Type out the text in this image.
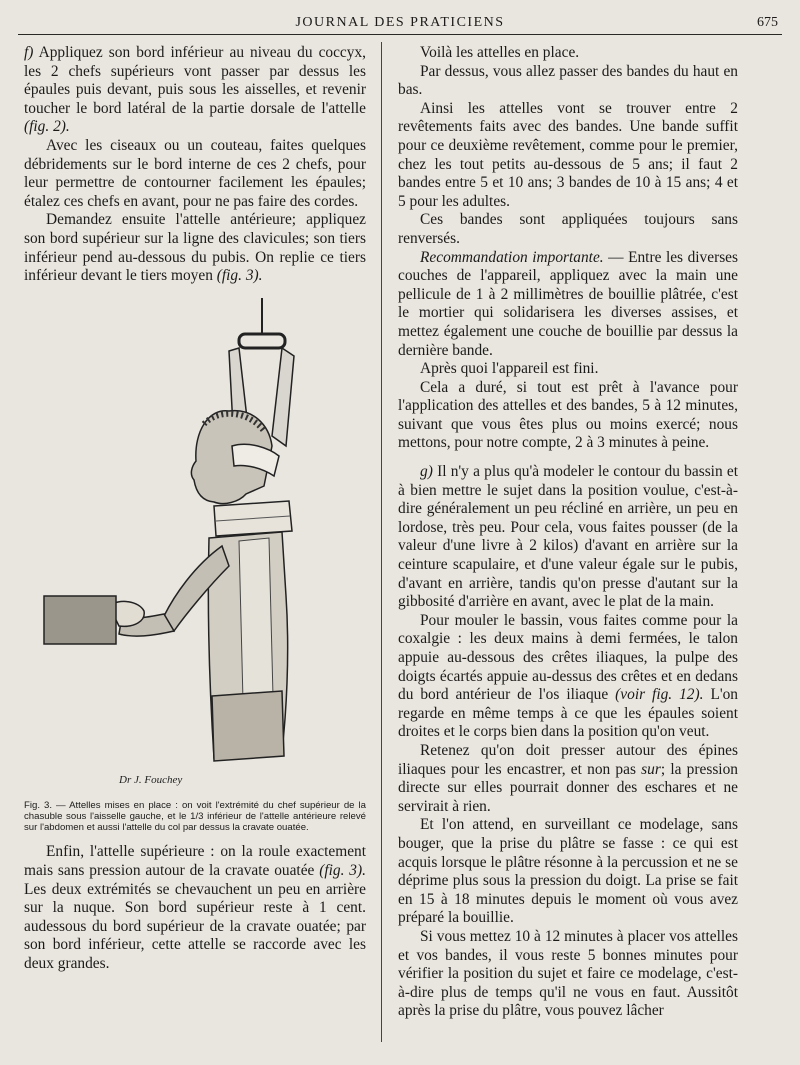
JOURNAL DES PRATICIENS	675

f) Appliquez son bord inférieur au niveau du coccyx, les 2 chefs supérieurs vont passer par dessus les épaules puis devant, puis sous les aisselles, et revenir toucher le bord latéral de la partie dorsale de l'attelle (fig. 2).

Avec les ciseaux ou un couteau, faites quelques débridements sur le bord interne de ces 2 chefs, pour leur permettre de contourner facilement les épaules; étalez ces chefs en avant, pour ne pas faire des cordes.

Demandez ensuite l'attelle antérieure; appliquez son bord supérieur sur la ligne des clavicules; son tiers inférieur pend au-dessous du pubis. On replie ce tiers inférieur devant le tiers moyen (fig. 3).

Dr J. Fouchey

Fig. 3. — Attelles mises en place : on voit l'extrémité du chef supérieur de la chasuble sous l'aisselle gauche, et le 1/3 inférieur de l'attelle antérieure relevé sur l'abdomen et aussi l'attelle du col par dessus la cravate ouatée.

Enfin, l'attelle supérieure : on la roule exactement mais sans pression autour de la cravate ouatée (fig. 3). Les deux extrémités se chevauchent un peu en arrière sur la nuque. Son bord supérieur reste à 1 cent. audessous du bord supérieur de la cravate ouatée; par son bord inférieur, cette attelle se raccorde avec les deux grandes.

Voilà les attelles en place.

Par dessus, vous allez passer des bandes du haut en bas.

Ainsi les attelles vont se trouver entre 2 revêtements faits avec des bandes. Une bande suffit pour ce deuxième revêtement, comme pour le premier, chez les tout petits au-dessous de 5 ans; il faut 2 bandes entre 5 et 10 ans; 3 bandes de 10 à 15 ans; 4 et 5 pour les adultes.

Ces bandes sont appliquées toujours sans renversés.

Recommandation importante. — Entre les diverses couches de l'appareil, appliquez avec la main une pellicule de 1 à 2 millimètres de bouillie plâtrée, c'est le mortier qui solidarisera les diverses assises, et mettez également une couche de bouillie par dessus la dernière bande.

Après quoi l'appareil est fini.

Cela a duré, si tout est prêt à l'avance pour l'application des attelles et des bandes, 5 à 12 minutes, suivant que vous êtes plus ou moins exercé; nous mettons, pour notre compte, 2 à 3 minutes à peine.

g) Il n'y a plus qu'à modeler le contour du bassin et à bien mettre le sujet dans la position voulue, c'est-à-dire généralement un peu récliné en arrière, un peu en lordose, très peu. Pour cela, vous faites pousser (de la valeur d'une livre à 2 kilos) d'avant en arrière sur la ceinture scapulaire, et d'une valeur égale sur le pubis, d'avant en arrière, tandis qu'on presse d'autant sur la gibbosité d'arrière en avant, avec le plat de la main.

Pour mouler le bassin, vous faites comme pour la coxalgie : les deux mains à demi fermées, le talon appuie au-dessous des crêtes iliaques, la pulpe des doigts écartés appuie au-dessus des crêtes et en dedans du bord antérieur de l'os iliaque (voir fig. 12). L'on regarde en même temps à ce que les épaules soient droites et le corps bien dans la position qu'on veut.

Retenez qu'on doit presser autour des épines iliaques pour les encastrer, et non pas sur; la pression directe sur elles pourrait donner des eschares et ne servirait à rien.

Et l'on attend, en surveillant ce modelage, sans bouger, que la prise du plâtre se fasse : ce qui est acquis lorsque le plâtre résonne à la percussion et ne se déprime plus sous la pression du doigt. La prise se fait en 15 à 18 minutes depuis le moment où vous avez préparé la bouillie.

Si vous mettez 10 à 12 minutes à placer vos attelles et vos bandes, il vous reste 5 bonnes minutes pour vérifier la position du sujet et faire ce modelage, c'est-à-dire plus de temps qu'il ne vous en faut. Aussitôt après la prise du plâtre, vous pouvez lâcher
